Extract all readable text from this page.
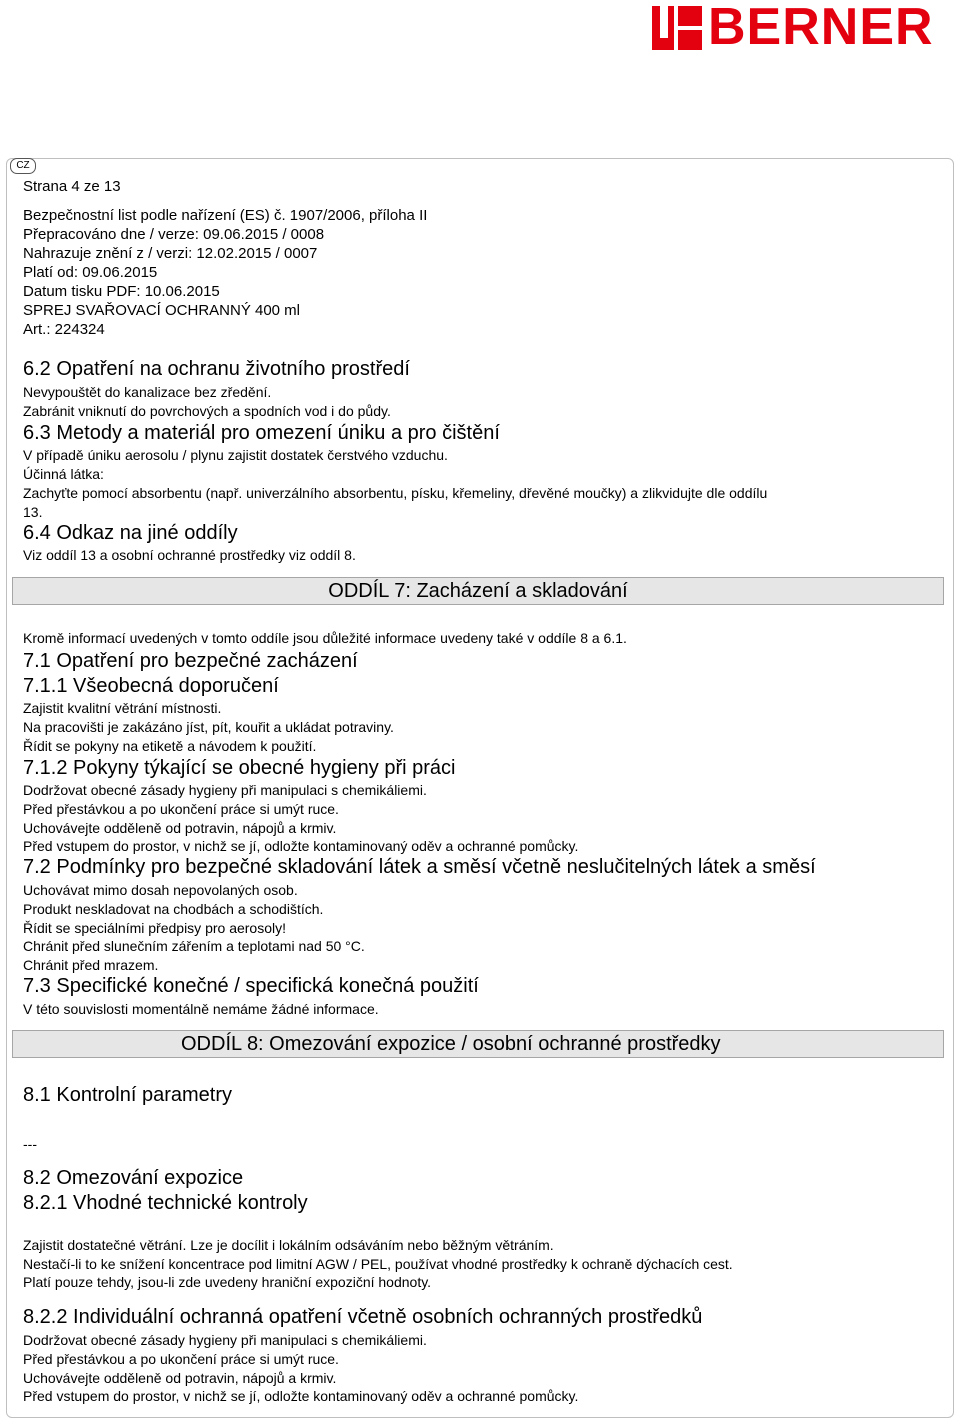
BERNER
CZ
Strana 4 ze 13
Bezpečnostní list podle nařízení (ES) č. 1907/2006, příloha II
Přepracováno dne / verze: 09.06.2015 / 0008
Nahrazuje znění z / verzi: 12.02.2015 / 0007
Platí od: 09.06.2015
Datum tisku PDF: 10.06.2015
SPREJ SVAŘOVACÍ OCHRANNÝ 400 ml
Art.: 224324
6.2 Opatření na ochranu životního prostředí
Nevypouštět do kanalizace bez zředění.
Zabránit vniknutí do povrchových a spodních vod i do půdy.
6.3 Metody a materiál pro omezení úniku a pro čištění
V případě úniku aerosolu / plynu zajistit dostatek čerstvého vzduchu.
Účinná látka:
Zachyťte pomocí absorbentu (např. univerzálního absorbentu, písku, křemeliny, dřevěné moučky) a zlikvidujte dle oddílu
13.
6.4 Odkaz na jiné oddíly
Viz oddíl 13 a osobní ochranné prostředky viz oddíl 8.
ODDÍL 7: Zacházení a skladování
Kromě informací uvedených v tomto oddíle jsou důležité informace uvedeny také v oddíle 8 a 6.1.
7.1 Opatření pro bezpečné zacházení
7.1.1 Všeobecná doporučení
Zajistit kvalitní větrání místnosti.
Na pracovišti je zakázáno jíst, pít, kouřit a ukládat potraviny.
Řídit se pokyny na etiketě a návodem k použití.
7.1.2 Pokyny týkající se obecné hygieny při práci
Dodržovat obecné zásady hygieny při manipulaci s chemikáliemi.
Před přestávkou a po ukončení práce si umýt ruce.
Uchovávejte odděleně od potravin, nápojů a krmiv.
Před vstupem do prostor, v nichž se jí, odložte kontaminovaný oděv a ochranné pomůcky.
7.2 Podmínky pro bezpečné skladování látek a směsí včetně neslučitelných látek a směsí
Uchovávat mimo dosah nepovolaných osob.
Produkt neskladovat na chodbách a schodištích.
Řídit se speciálními předpisy pro aerosoly!
Chránit před slunečním zářením a teplotami nad 50 °C.
Chránit před mrazem.
7.3 Specifické konečné / specifická konečná použití
V této souvislosti momentálně nemáme žádné informace.
ODDÍL 8: Omezování expozice / osobní ochranné prostředky
8.1 Kontrolní parametry
---
8.2 Omezování expozice
8.2.1 Vhodné technické kontroly
Zajistit dostatečné větrání. Lze je docílit i lokálním odsáváním nebo běžným větráním.
Nestačí-li to ke snížení koncentrace pod limitní AGW / PEL, používat vhodné prostředky k ochraně dýchacích cest.
Platí pouze tehdy, jsou-li zde uvedeny hraniční expoziční hodnoty.
8.2.2 Individuální ochranná opatření včetně osobních ochranných prostředků
Dodržovat obecné zásady hygieny při manipulaci s chemikáliemi.
Před přestávkou a po ukončení práce si umýt ruce.
Uchovávejte odděleně od potravin, nápojů a krmiv.
Před vstupem do prostor, v nichž se jí, odložte kontaminovaný oděv a ochranné pomůcky.
